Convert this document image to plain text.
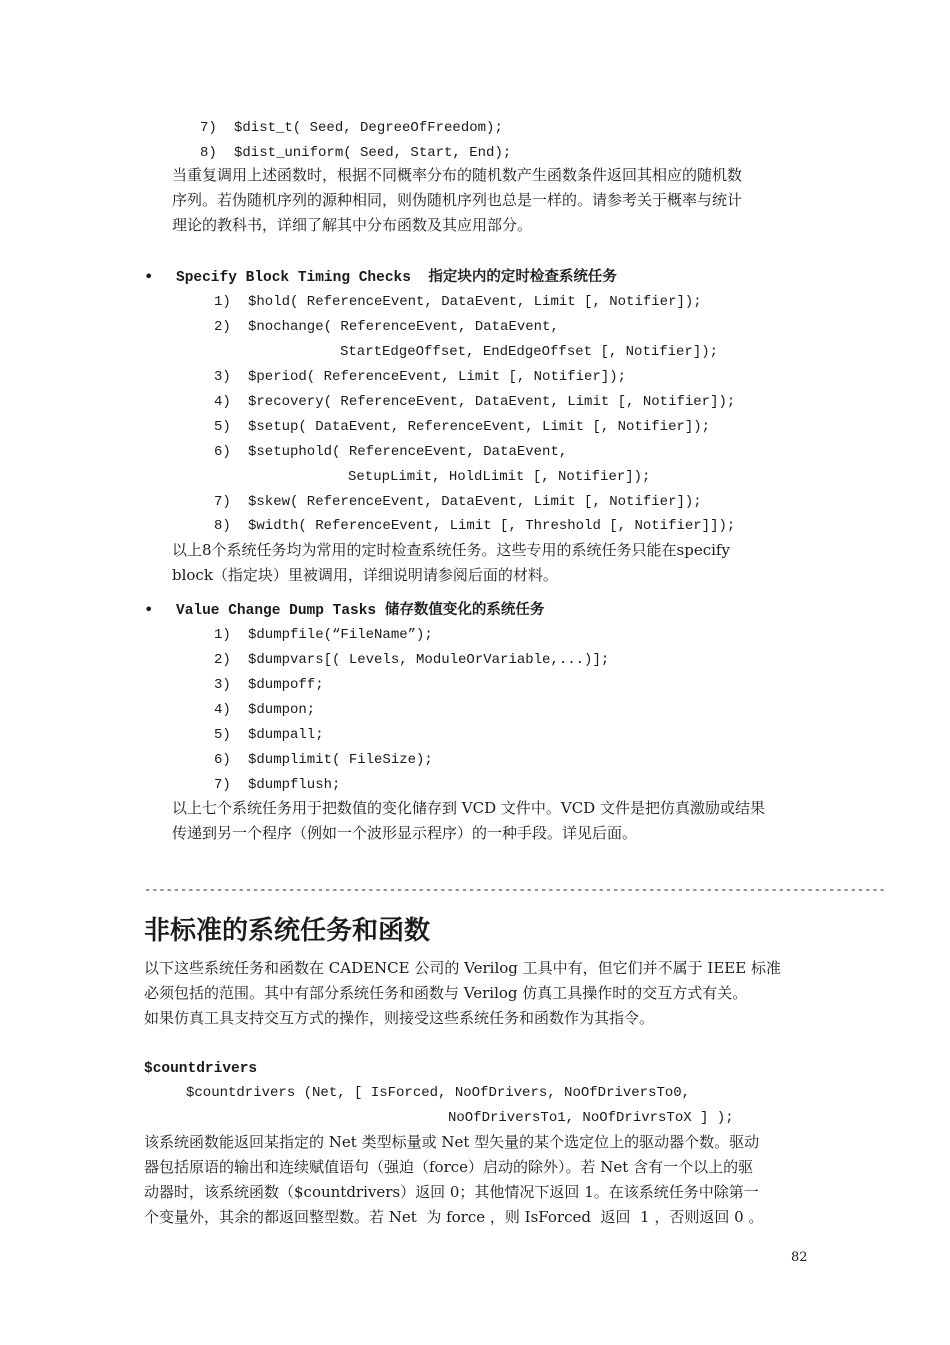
7) $dist_t( Seed, DegreeOfFreedom);
8) $dist_uniform( Seed, Start, End);
当重复调用上述函数时，根据不同概率分布的随机数产生函数条件返回其相应的随机数
序列。若伪随机序列的源种相同，则伪随机序列也总是一样的。请参考关于概率与统计
理论的教科书，详细了解其中分布函数及其应用部分。
• Specify Block Timing Checks  指定块内的定时检查系统任务
1) $hold( ReferenceEvent, DataEvent, Limit [, Notifier]);
2) $nochange( ReferenceEvent, DataEvent,
StartEdgeOffset, EndEdgeOffset [, Notifier]);
3) $period( ReferenceEvent, Limit [, Notifier]);
4) $recovery( ReferenceEvent, DataEvent, Limit [, Notifier]);
5) $setup( DataEvent, ReferenceEvent, Limit [, Notifier]);
6) $setuphold( ReferenceEvent, DataEvent,
SetupLimit, HoldLimit [, Notifier]);
7) $skew( ReferenceEvent, DataEvent, Limit [, Notifier]);
8) $width( ReferenceEvent, Limit [, Threshold [, Notifier]]);
以上8个系统任务均为常用的定时检查系统任务。这些专用的系统任务只能在specify
block（指定块）里被调用，详细说明请参阅后面的材料。
• Value Change Dump Tasks 储存数值变化的系统任务
1) $dumpfile(“FileName”);
2) $dumpvars[( Levels, ModuleOrVariable,...)];
3) $dumpoff;
4) $dumpon;
5) $dumpall;
6) $dumplimit( FileSize);
7) $dumpflush;
以上七个系统任务用于把数值的变化储存到 VCD 文件中。VCD 文件是把仿真激励或结果
传递到另一个程序（例如一个波形显示程序）的一种手段。详见后面。
-------------------------------------------------------------------------------------------------------
非标准的系统任务和函数
以下这些系统任务和函数在 CADENCE 公司的 Verilog 工具中有，但它们并不属于 IEEE 标准
必须包括的范围。其中有部分系统任务和函数与 Verilog 仿真工具操作时的交互方式有关。
如果仿真工具支持交互方式的操作，则接受这些系统任务和函数作为其指令。
$countdrivers
$countdrivers (Net, [ IsForced, NoOfDrivers, NoOfDriversTo0,
NoOfDriversTo1, NoOfDrivrsToX ] );
该系统函数能返回某指定的 Net 类型标量或 Net 型矢量的某个选定位上的驱动器个数。驱动
器包括原语的输出和连续赋值语句（强迫（force）启动的除外）。若 Net 含有一个以上的驱
动器时，该系统函数（$countdrivers）返回 0；其他情况下返回 1。在该系统任务中除第一
个变量外，其余的都返回整型数。若 Net  为 force ，则 IsForced  返回  1 ，否则返回 0 。
82
